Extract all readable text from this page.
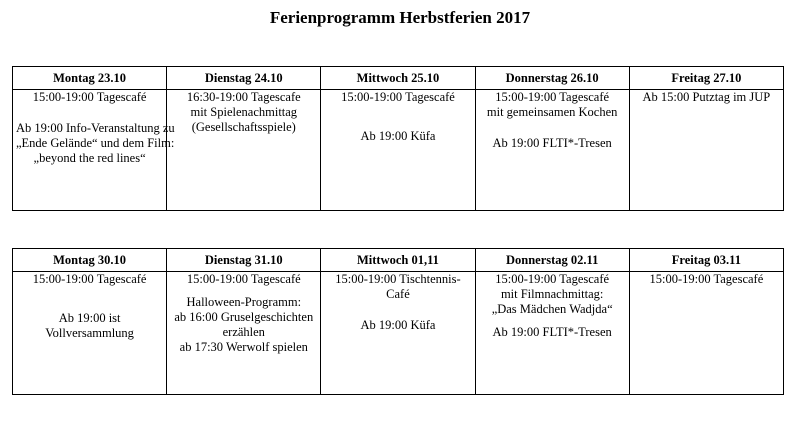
Ferienprogramm Herbstferien 2017
Montag 23.10	Dienstag 24.10	Mittwoch 25.10	Donnerstag 26.10	Freitag 27.10

15:00-19:00 Tagescafé
Ab 19:00 Info-Veranstaltung zu
„Ende Gelände“ und dem Film:
„beyond the red lines“	16:30-19:00 Tagescafe
mit Spielenachmittag
(Gesellschaftsspiele)	15:00-19:00 Tagescafé
Ab 19:00 Küfa	15:00-19:00 Tagescafé
mit gemeinsamen Kochen
Ab 19:00 FLTI*-Tresen	Ab 15:00 Putztag im JUP
Montag 30.10	Dienstag 31.10	Mittwoch 01,11	Donnerstag 02.11	Freitag 03.11

15:00-19:00 Tagescafé
Ab 19:00 ist
Vollversammlung	15:00-19:00 Tagescafé
Halloween-Programm:
ab 16:00 Gruselgeschichten
erzählen
ab 17:30 Werwolf spielen	15:00-19:00 Tischtennis-
Café
Ab 19:00 Küfa	15:00-19:00 Tagescafé
mit Filmnachmittag:
„Das Mädchen Wadjda“
Ab 19:00 FLTI*-Tresen	15:00-19:00 Tagescafé
